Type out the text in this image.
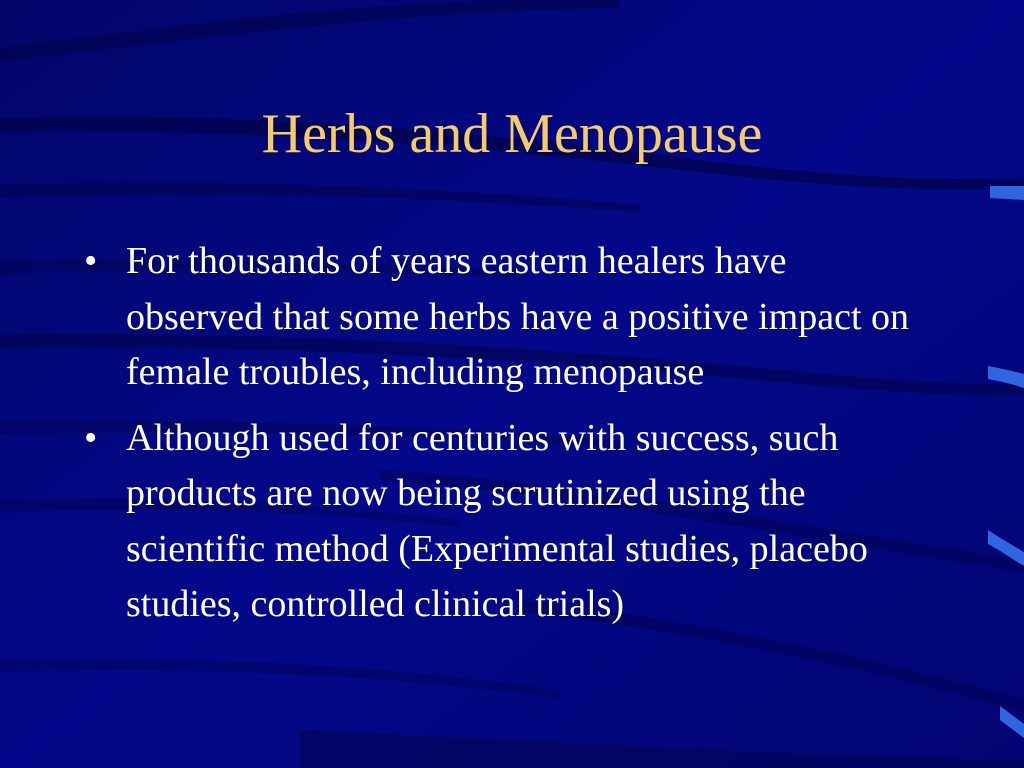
Herbs and Menopause
• For thousands of years eastern healers have observed that some herbs have a positive impact on female troubles, including menopause
• Although used for centuries with success, such products are now being scrutinized using the scientific method (Experimental studies, placebo studies, controlled clinical trials)
